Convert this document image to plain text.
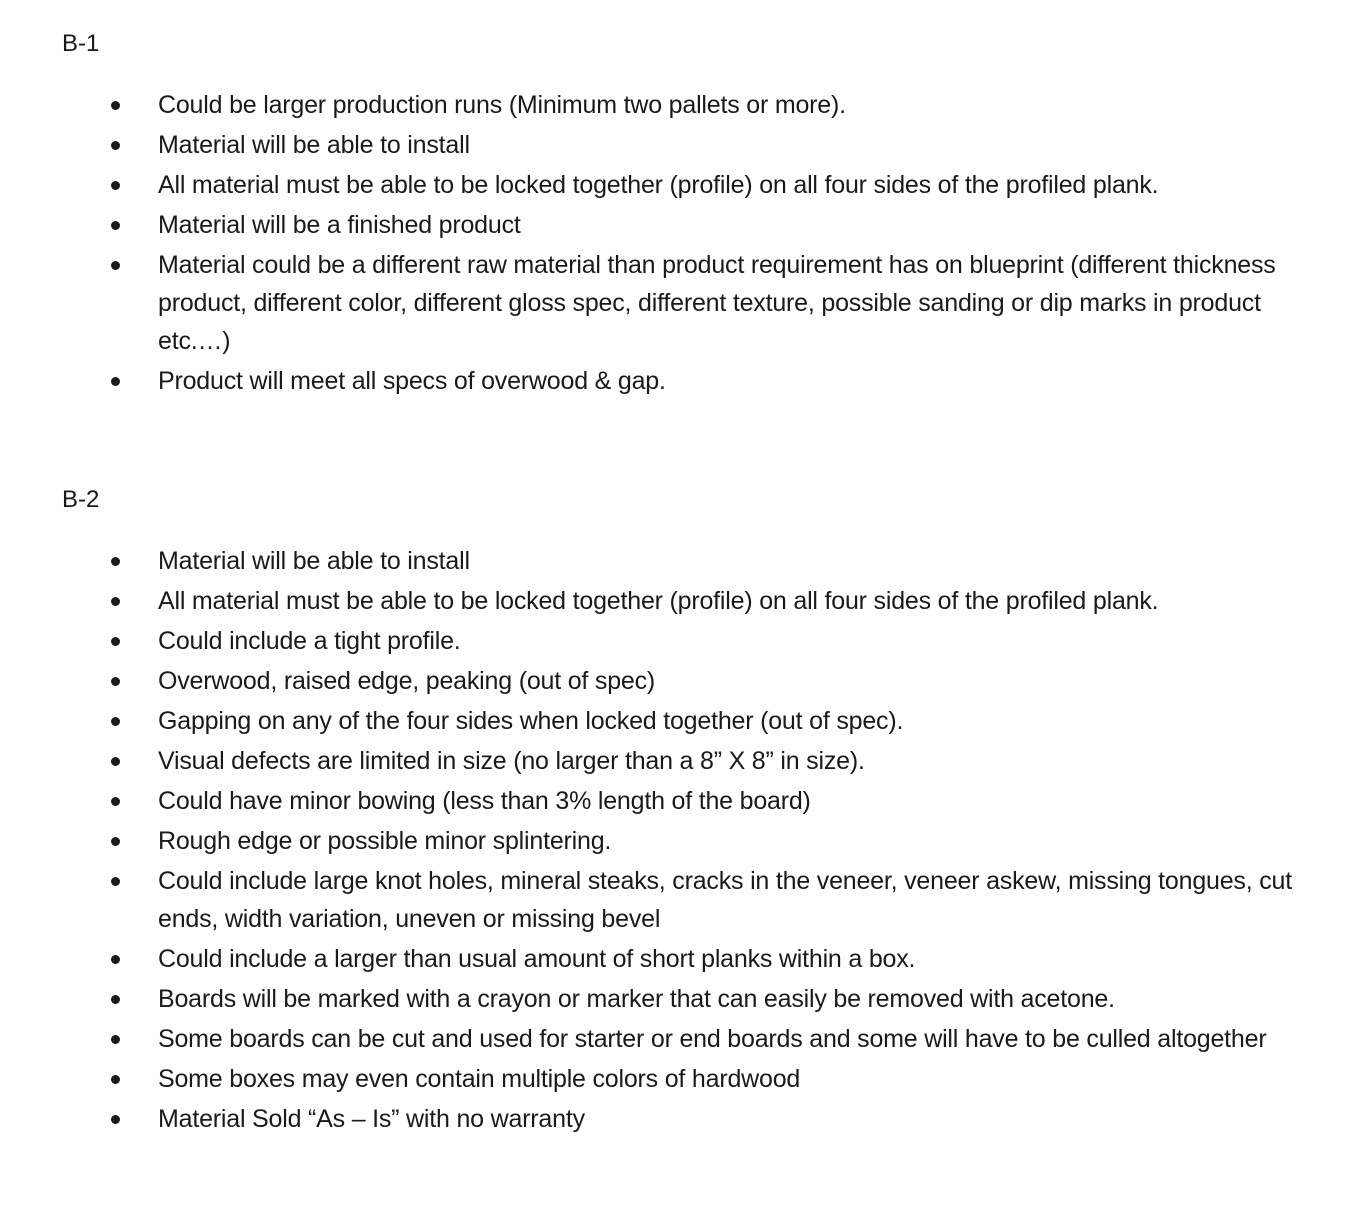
B-1
Could be larger production runs (Minimum two pallets or more).
Material will be able to install
All material must be able to be locked together (profile) on all four sides of the profiled plank.
Material will be a finished product
Material could be a different raw material than product requirement has on blueprint (different thickness product, different color, different gloss spec, different texture, possible sanding or dip marks in product etc.…)
Product will meet all specs of overwood & gap.
B-2
Material will be able to install
All material must be able to be locked together (profile) on all four sides of the profiled plank.
Could include a tight profile.
Overwood, raised edge, peaking (out of spec)
Gapping on any of the four sides when locked together (out of spec).
Visual defects are limited in size (no larger than a 8” X 8” in size).
Could have minor bowing (less than 3% length of the board)
Rough edge or possible minor splintering.
Could include large knot holes, mineral steaks, cracks in the veneer, veneer askew, missing tongues, cut ends, width variation, uneven or missing bevel
Could include a larger than usual amount of short planks within a box.
Boards will be marked with a crayon or marker that can easily be removed with acetone.
Some boards can be cut and used for starter or end boards and some will have to be culled altogether
Some boxes may even contain multiple colors of hardwood
Material Sold “As – Is” with no warranty
